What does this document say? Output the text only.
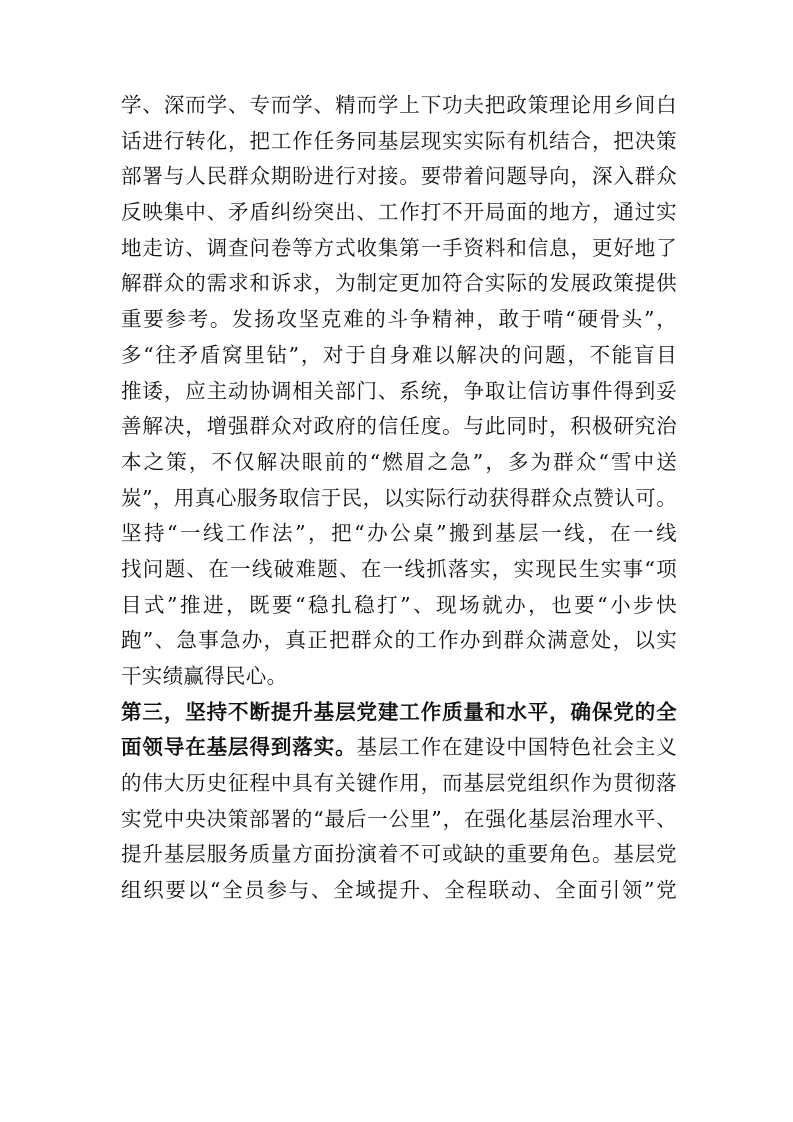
学、深而学、专而学、精而学上下功夫把政策理论用乡间白
话进行转化，把工作任务同基层现实实际有机结合，把决策
部署与人民群众期盼进行对接。要带着问题导向，深入群众
反映集中、矛盾纠纷突出、工作打不开局面的地方，通过实
地走访、调查问卷等方式收集第一手资料和信息，更好地了
解群众的需求和诉求，为制定更加符合实际的发展政策提供
重要参考。发扬攻坚克难的斗争精神，敢于啃“硬骨头”，
多“往矛盾窝里钻”，对于自身难以解决的问题，不能盲目
推诿，应主动协调相关部门、系统，争取让信访事件得到妥
善解决，增强群众对政府的信任度。与此同时，积极研究治
本之策，不仅解决眼前的“燃眉之急”，多为群众“雪中送
炭”，用真心服务取信于民，以实际行动获得群众点赞认可。
坚持“一线工作法”，把“办公桌”搬到基层一线，在一线
找问题、在一线破难题、在一线抓落实，实现民生实事“项
目式”推进，既要“稳扎稳打”、现场就办，也要“小步快
跑”、急事急办，真正把群众的工作办到群众满意处，以实
干实绩赢得民心。
第三，坚持不断提升基层党建工作质量和水平，确保党的全
面领导在基层得到落实。基层工作在建设中国特色社会主义
的伟大历史征程中具有关键作用，而基层党组织作为贯彻落
实党中央决策部署的“最后一公里”，在强化基层治理水平、
提升基层服务质量方面扮演着不可或缺的重要角色。基层党
组织要以“全员参与、全域提升、全程联动、全面引领”党
